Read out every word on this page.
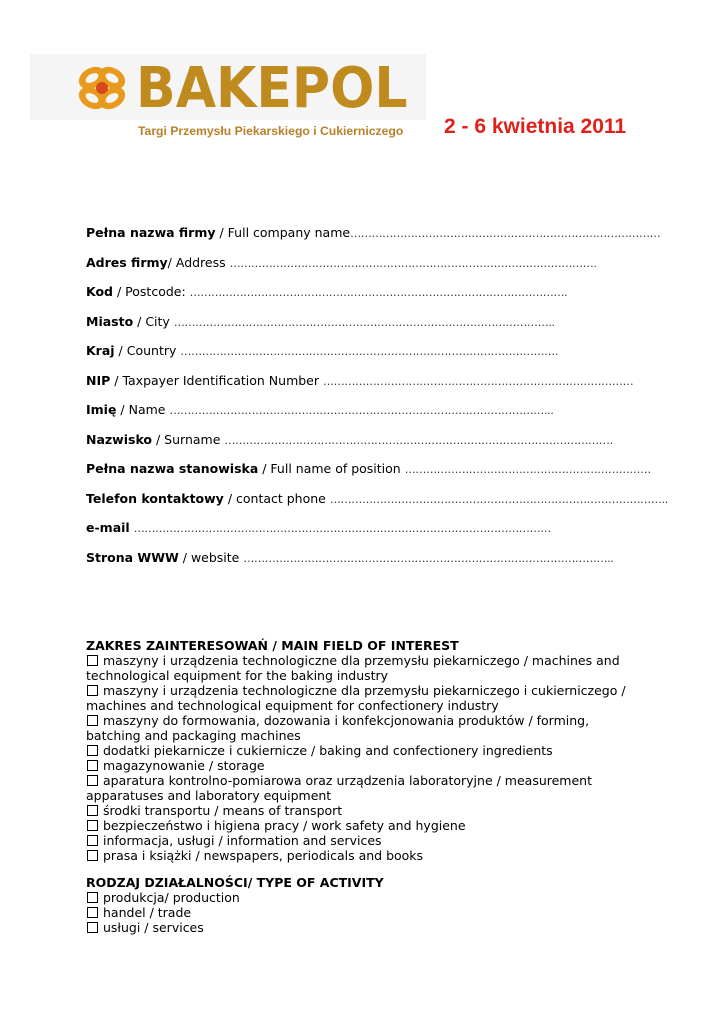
BAKEPOL
Targi Przemysłu Piekarskiego i Cukierniczego 2 - 6 kwietnia 2011
Pełna nazwa firmy / Full company name……………………………………………………………………………
Adres firmy/ Address ………………………………………………………………………………………….
Kod / Postcode: …………………………………………………………………………………………….
Miasto / City ……………………………………………………………………………………………..
Kraj / Country …………………………………………………………………………………………….
NIP / Taxpayer Identification Number ……………………………………………………………………………
Imię / Name ……………………………………………………………………………………………...
Nazwisko / Surname ……………………………………………………………………………………………….
Pełna nazwa stanowiska / Full name of position ……………………………………………………………
Telefon kontaktowy / contact phone …………………………………………………………………………………..
e-mail ………………………………………………………………………………………………………
Strona WWW / website …………………………………………………………………………………………..
ZAKRES ZAINTERESOWAŃ / MAIN FIELD OF INTEREST
maszyny i urządzenia technologiczne dla przemysłu piekarniczego / machines and technological equipment for the baking industry
maszyny i urządzenia technologiczne dla przemysłu piekarniczego i cukierniczego / machines and technological equipment for confectionery industry
maszyny do formowania, dozowania i konfekcjonowania produktów / forming, batching and packaging machines
dodatki piekarnicze i cukiernicze / baking and confectionery ingredients
magazynowanie / storage
aparatura kontrolno-pomiarowa oraz urządzenia laboratoryjne / measurement apparatuses and laboratory equipment
środki transportu / means of transport
bezpieczeństwo i higiena pracy / work safety and hygiene
informacja, usługi / information and services
prasa i książki / newspapers, periodicals and books
RODZAJ DZIAŁALNOŚCI/ TYPE OF ACTIVITY
produkcja/ production
handel / trade
usługi / services
